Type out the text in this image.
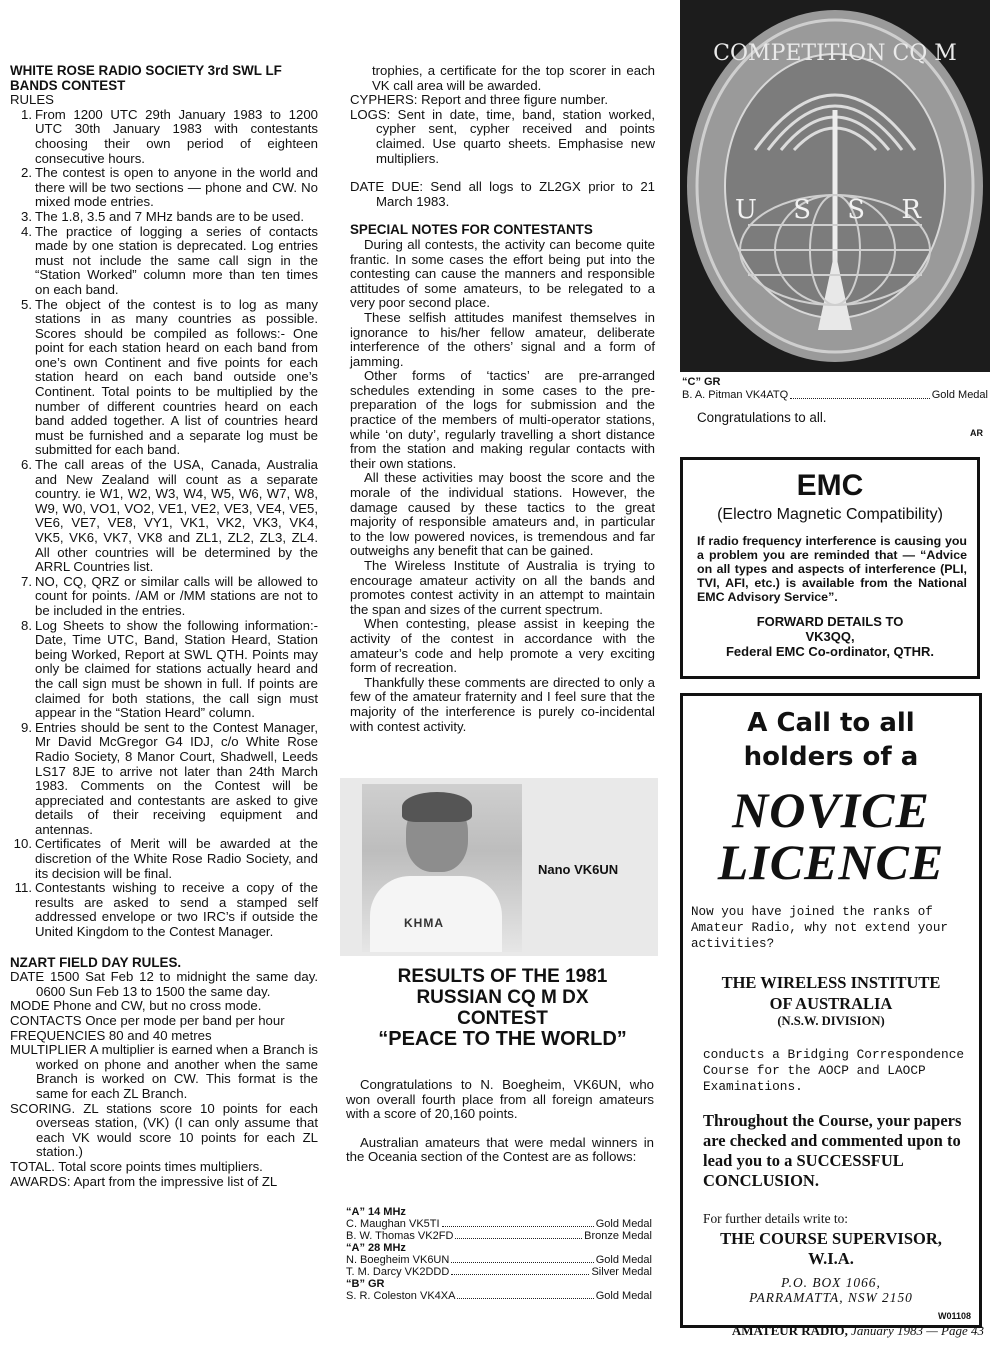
WHITE ROSE RADIO SOCIETY 3rd SWL LF
BANDS CONTEST

RULES

1. From 1200 UTC 29th January 1983 to 1200 UTC 30th January 1983 with contestants choosing their own period of eighteen consecutive hours.
2. The contest is open to anyone in the world and there will be two sections — phone and CW. No mixed mode entries.
3. The 1.8, 3.5 and 7 MHz bands are to be used.
4. The practice of logging a series of contacts made by one station is deprecated. Log entries must not include the same call sign in the “Station Worked” column more than ten times on each band.
5. The object of the contest is to log as many stations in as many countries as possible. Scores should be compiled as follows:- One point for each station heard on each band from one’s own Continent and five points for each station heard on each band outside one’s Continent. Total points to be multiplied by the number of different countries heard on each band added together. A list of countries heard must be furnished and a separate log must be submitted for each band.
6. The call areas of the USA, Canada, Australia and New Zealand will count as a separate country. ie W1, W2, W3, W4, W5, W6, W7, W8, W9, W0, VO1, VO2, VE1, VE2, VE3, VE4, VE5, VE6, VE7, VE8, VY1, VK1, VK2, VK3, VK4, VK5, VK6, VK7, VK8 and ZL1, ZL2, ZL3, ZL4. All other countries will be determined by the ARRL Countries list.
7. NO, CQ, QRZ or similar calls will be allowed to count for points. /AM or /MM stations are not to be included in the entries.
8. Log Sheets to show the following information:- Date, Time UTC, Band, Station Heard, Station being Worked, Report at SWL QTH. Points may only be claimed for stations actually heard and the call sign must be shown in full. If points are claimed for both stations, the call sign must appear in the “Station Heard” column.
9. Entries should be sent to the Contest Manager, Mr David McGregor G4 IDJ, c/o White Rose Radio Society, 8 Manor Court, Shadwell, Leeds LS17 8JE to arrive not later than 24th March 1983. Comments on the Contest will be appreciated and contestants are asked to give details of their receiving equipment and antennas.
10. Certificates of Merit will be awarded at the discretion of the White Rose Radio Society, and its decision will be final.
11. Contestants wishing to receive a copy of the results are asked to send a stamped self addressed envelope or two IRC’s if outside the United Kingdom to the Contest Manager.
NZART FIELD DAY RULES.

DATE 1500 Sat Feb 12 to midnight the same day. 0600 Sun Feb 13 to 1500 the same day.

MODE Phone and CW, but no cross mode.

CONTACTS Once per mode per band per hour

FREQUENCIES 80 and 40 metres

MULTIPLIER A multiplier is earned when a Branch is worked on phone and another when the same Branch is worked on CW. This format is the same for each ZL Branch.

SCORING. ZL stations score 10 points for each overseas station, (VK) (I can only assume that each VK would score 10 points for each ZL station.)

TOTAL. Total score points times multipliers.

AWARDS: Apart from the impressive list of ZL

trophies, a certificate for the top scorer in each VK call area will be awarded.

CYPHERS: Report and three figure number.

LOGS: Sent in date, time, band, station worked, cypher sent, cypher received and points claimed. Use quarto sheets. Emphasise new multipliers.

DATE DUE: Send all logs to ZL2GX prior to 21 March 1983.

SPECIAL NOTES FOR CONTESTANTS

During all contests, the activity can become quite frantic. In some cases the effort being put into the contesting can cause the manners and responsible attitudes of some amateurs, to be relegated to a very poor second place.

These selfish attitudes manifest themselves in ignorance to his/her fellow amateur, deliberate interference of the others’ signal and a form of jamming.

Other forms of ‘tactics’ are pre-arranged schedules extending in some cases to the pre-preparation of the logs for submission and the practice of the members of multi-operator stations, while ‘on duty’, regularly travelling a short distance from the station and making regular contacts with their own stations.

All these activities may boost the score and the morale of the individual stations. However, the damage caused by these tactics to the great majority of responsible amateurs and, in particular to the low powered novices, is tremendous and far outweighs any benefit that can be gained.

The Wireless Institute of Australia is trying to encourage amateur activity on all the bands and promotes contest activity in an attempt to maintain the span and sizes of the current spectrum.

When contesting, please assist in keeping the activity of the contest in accordance with the amateur’s code and help promote a very exciting form of recreation.

Thankfully these comments are directed to only a few of the amateur fraternity and I feel sure that the majority of the interference is purely co-incidental with contest activity.

KHMA
Nano VK6UN
RESULTS OF THE 1981
RUSSIAN CQ M DX
CONTEST
“PEACE TO THE WORLD”

Congratulations to N. Boegheim, VK6UN, who won overall fourth place from all foreign amateurs with a score of 20,160 points.

Australian amateurs that were medal winners in the Oceania section of the Contest are as follows:

“A” 14 MHz
C. Maughan VK5TI	Gold Medal
B. W. Thomas VK2FD	Bronze Medal
“A” 28 MHz
N. Boegheim VK6UN	Gold Medal
T. M. Darcy VK2DDD	Silver Medal
“B” GR
S. R. Coleston VK4XA	Gold Medal
COMPETITION CQ M
U S S R
“C” GR
B. A. Pitman VK4ATQ	Gold Medal
Congratulations to all.
AR
EMC
(Electro Magnetic Compatibility)
If radio frequency interference is causing you a problem you are reminded that — “Advice on all types and aspects of interference (PLI, TVI, AFI, etc.) is available from the National EMC Advisory Service”.
FORWARD DETAILS TO
VK3QQ,
Federal EMC Co-ordinator, QTHR.
A Call to all
holders of a
NOVICE
LICENCE
Now you have joined the ranks of Amateur Radio, why not extend your activities?
THE WIRELESS INSTITUTE
OF AUSTRALIA
(N.S.W. DIVISION)
conducts a Bridging Correspondence Course for the AOCP and LAOCP Examinations.
Throughout the Course, your papers are checked and commented upon to lead you to a SUCCESSFUL CONCLUSION.
For further details write to:
THE COURSE SUPERVISOR,
W.I.A.
P.O. BOX 1066,
PARRAMATTA, NSW 2150
W01108
AMATEUR RADIO, January 1983 — Page 43
